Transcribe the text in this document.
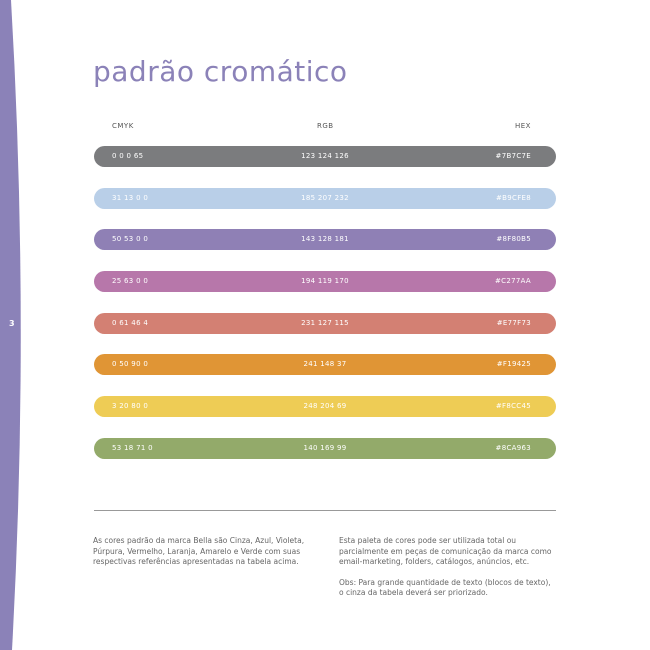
3
padrão cromático
CMYK	RGB	HEX
0 0 0 65	123 124 126	#7B7C7E
31 13 0 0	185 207 232	#B9CFE8
50 53 0 0	143 128 181	#8F80B5
25 63 0 0	194 119 170	#C277AA
0 61 46 4	231 127 115	#E77F73
0 50 90 0	241 148 37	#F19425
3 20 80 0	248 204 69	#F8CC45
53 18 71 0	140 169 99	#8CA963

As cores padrão da marca Bella são Cinza, Azul, Violeta, Púrpura, Vermelho, Laranja, Amarelo e Verde com suas respectivas referências apresentadas na tabela acima.

Esta paleta de cores pode ser utilizada total ou parcialmente em peças de comunicação da marca como email-marketing, folders, catálogos, anúncios, etc.

Obs: Para grande quantidade de texto (blocos de texto), o cinza da tabela deverá ser priorizado.
